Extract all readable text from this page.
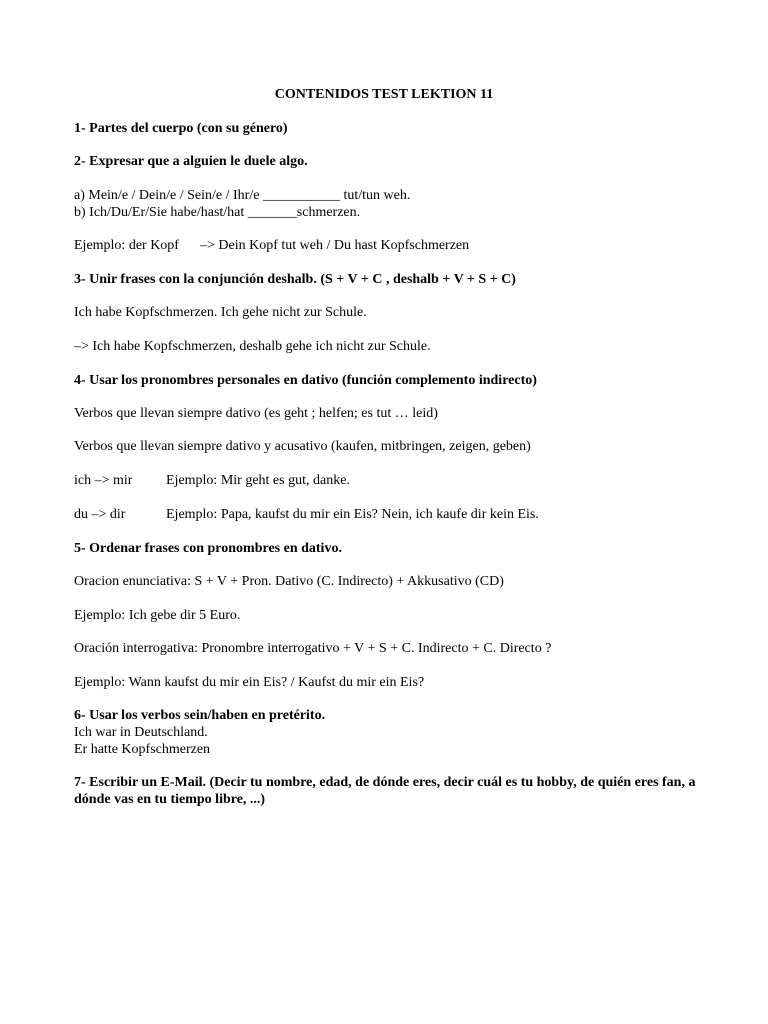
CONTENIDOS TEST LEKTION 11
1- Partes del cuerpo (con su género)
2- Expresar que a alguien le duele algo.
a) Mein/e / Dein/e / Sein/e / Ihr/e ___________ tut/tun weh.
b) Ich/Du/Er/Sie habe/hast/hat _______schmerzen.
Ejemplo: der Kopf      –> Dein Kopf tut weh / Du hast Kopfschmerzen
3- Unir frases con la conjunción deshalb. (S + V + C , deshalb + V + S + C)
Ich habe Kopfschmerzen. Ich gehe nicht zur Schule.
–> Ich habe Kopfschmerzen, deshalb gehe ich nicht zur Schule.
4- Usar los pronombres personales en dativo (función complemento indirecto)
Verbos que llevan siempre dativo (es geht ; helfen; es tut … leid)
Verbos que llevan siempre dativo y acusativo (kaufen, mitbringen, zeigen, geben)
ich –> mir Ejemplo: Mir geht es gut, danke.
du –> dir	Ejemplo: Papa, kaufst du mir ein Eis? Nein, ich kaufe dir kein Eis.
5- Ordenar frases con pronombres en dativo.
Oracion enunciativa: S + V + Pron. Dativo (C. Indirecto) + Akkusativo (CD)
Ejemplo: Ich gebe dir 5 Euro.
Oración interrogativa: Pronombre interrogativo + V + S + C. Indirecto + C. Directo ?
Ejemplo: Wann kaufst du mir ein Eis? / Kaufst du mir ein Eis?
6- Usar los verbos sein/haben en pretérito.
Ich war in Deutschland.
Er hatte Kopfschmerzen
7- Escribir un E-Mail. (Decir tu nombre, edad, de dónde eres, decir cuál es tu hobby, de quién eres fan, a dónde vas en tu tiempo libre, ...)
